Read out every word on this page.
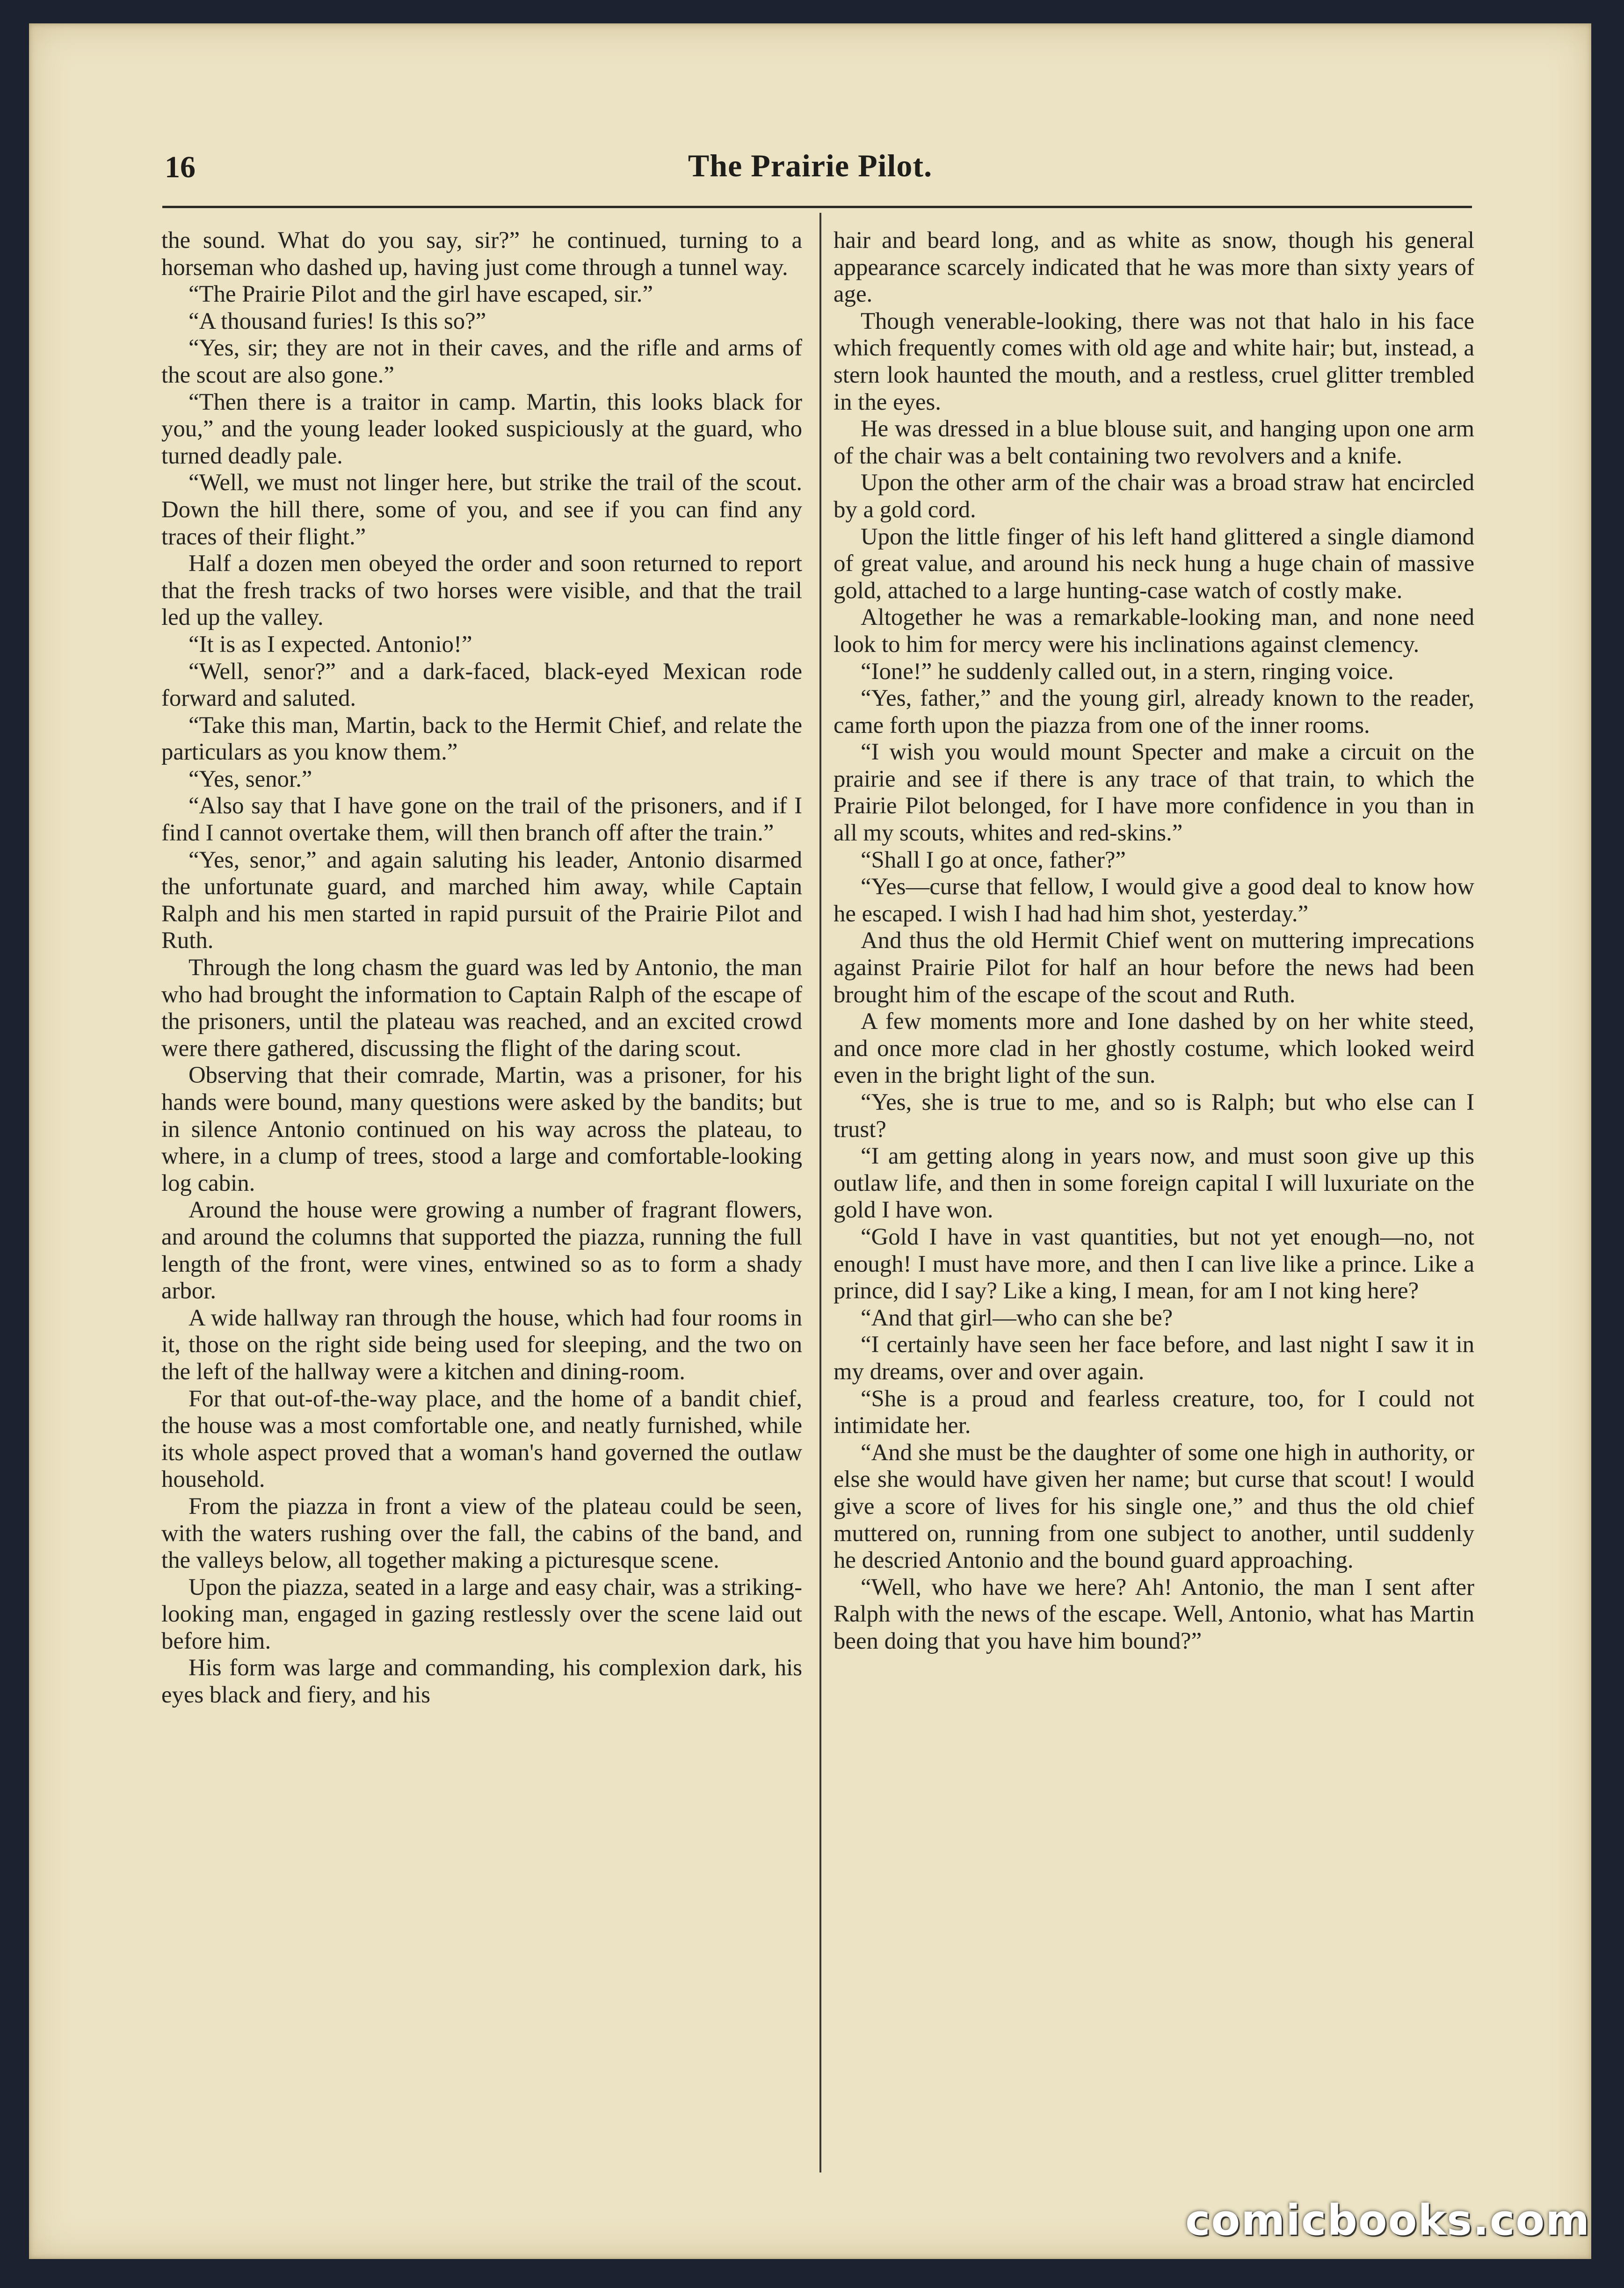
16	The Prairie Pilot.

the sound. What do you say, sir?” he continued, turning to a horseman who dashed up, having just come through a tunnel way.

“The Prairie Pilot and the girl have escaped, sir.”

“A thousand furies! Is this so?”

“Yes, sir; they are not in their caves, and the rifle and arms of the scout are also gone.”

“Then there is a traitor in camp. Martin, this looks black for you,” and the young leader looked suspiciously at the guard, who turned deadly pale.

“Well, we must not linger here, but strike the trail of the scout. Down the hill there, some of you, and see if you can find any traces of their flight.”

Half a dozen men obeyed the order and soon returned to report that the fresh tracks of two horses were visible, and that the trail led up the valley.

“It is as I expected. Antonio!”

“Well, senor?” and a dark-faced, black-eyed Mexican rode forward and saluted.

“Take this man, Martin, back to the Hermit Chief, and relate the particulars as you know them.”

“Yes, senor.”

“Also say that I have gone on the trail of the prisoners, and if I find I cannot overtake them, will then branch off after the train.”

“Yes, senor,” and again saluting his leader, Antonio disarmed the unfortunate guard, and marched him away, while Captain Ralph and his men started in rapid pursuit of the Prairie Pilot and Ruth.

Through the long chasm the guard was led by Antonio, the man who had brought the information to Captain Ralph of the escape of the prisoners, until the plateau was reached, and an excited crowd were there gathered, discussing the flight of the daring scout.

Observing that their comrade, Martin, was a prisoner, for his hands were bound, many questions were asked by the bandits; but in silence Antonio continued on his way across the plateau, to where, in a clump of trees, stood a large and comfortable-looking log cabin.

Around the house were growing a number of fragrant flowers, and around the columns that supported the piazza, running the full length of the front, were vines, entwined so as to form a shady arbor.

A wide hallway ran through the house, which had four rooms in it, those on the right side being used for sleeping, and the two on the left of the hallway were a kitchen and dining-room.

For that out-of-the-way place, and the home of a bandit chief, the house was a most comfortable one, and neatly furnished, while its whole aspect proved that a woman's hand governed the outlaw household.

From the piazza in front a view of the plateau could be seen, with the waters rushing over the fall, the cabins of the band, and the valleys below, all together making a picturesque scene.

Upon the piazza, seated in a large and easy chair, was a striking-looking man, engaged in gazing restlessly over the scene laid out before him.

His form was large and commanding, his complexion dark, his eyes black and fiery, and his

hair and beard long, and as white as snow, though his general appearance scarcely indicated that he was more than sixty years of age.

Though venerable-looking, there was not that halo in his face which frequently comes with old age and white hair; but, instead, a stern look haunted the mouth, and a restless, cruel glitter trembled in the eyes.

He was dressed in a blue blouse suit, and hanging upon one arm of the chair was a belt containing two revolvers and a knife.

Upon the other arm of the chair was a broad straw hat encircled by a gold cord.

Upon the little finger of his left hand glittered a single diamond of great value, and around his neck hung a huge chain of massive gold, attached to a large hunting-case watch of costly make.

Altogether he was a remarkable-looking man, and none need look to him for mercy were his inclinations against clemency.

“Ione!” he suddenly called out, in a stern, ringing voice.

“Yes, father,” and the young girl, already known to the reader, came forth upon the piazza from one of the inner rooms.

“I wish you would mount Specter and make a circuit on the prairie and see if there is any trace of that train, to which the Prairie Pilot belonged, for I have more confidence in you than in all my scouts, whites and red-skins.”

“Shall I go at once, father?”

“Yes—curse that fellow, I would give a good deal to know how he escaped. I wish I had had him shot, yesterday.”

And thus the old Hermit Chief went on muttering imprecations against Prairie Pilot for half an hour before the news had been brought him of the escape of the scout and Ruth.

A few moments more and Ione dashed by on her white steed, and once more clad in her ghostly costume, which looked weird even in the bright light of the sun.

“Yes, she is true to me, and so is Ralph; but who else can I trust?

“I am getting along in years now, and must soon give up this outlaw life, and then in some foreign capital I will luxuriate on the gold I have won.

“Gold I have in vast quantities, but not yet enough—no, not enough! I must have more, and then I can live like a prince. Like a prince, did I say? Like a king, I mean, for am I not king here?

“And that girl—who can she be?

“I certainly have seen her face before, and last night I saw it in my dreams, over and over again.

“She is a proud and fearless creature, too, for I could not intimidate her.

“And she must be the daughter of some one high in authority, or else she would have given her name; but curse that scout! I would give a score of lives for his single one,” and thus the old chief muttered on, running from one subject to another, until suddenly he descried Antonio and the bound guard approaching.

“Well, who have we here? Ah! Antonio, the man I sent after Ralph with the news of the escape. Well, Antonio, what has Martin been doing that you have him bound?”

comicbooks.com
